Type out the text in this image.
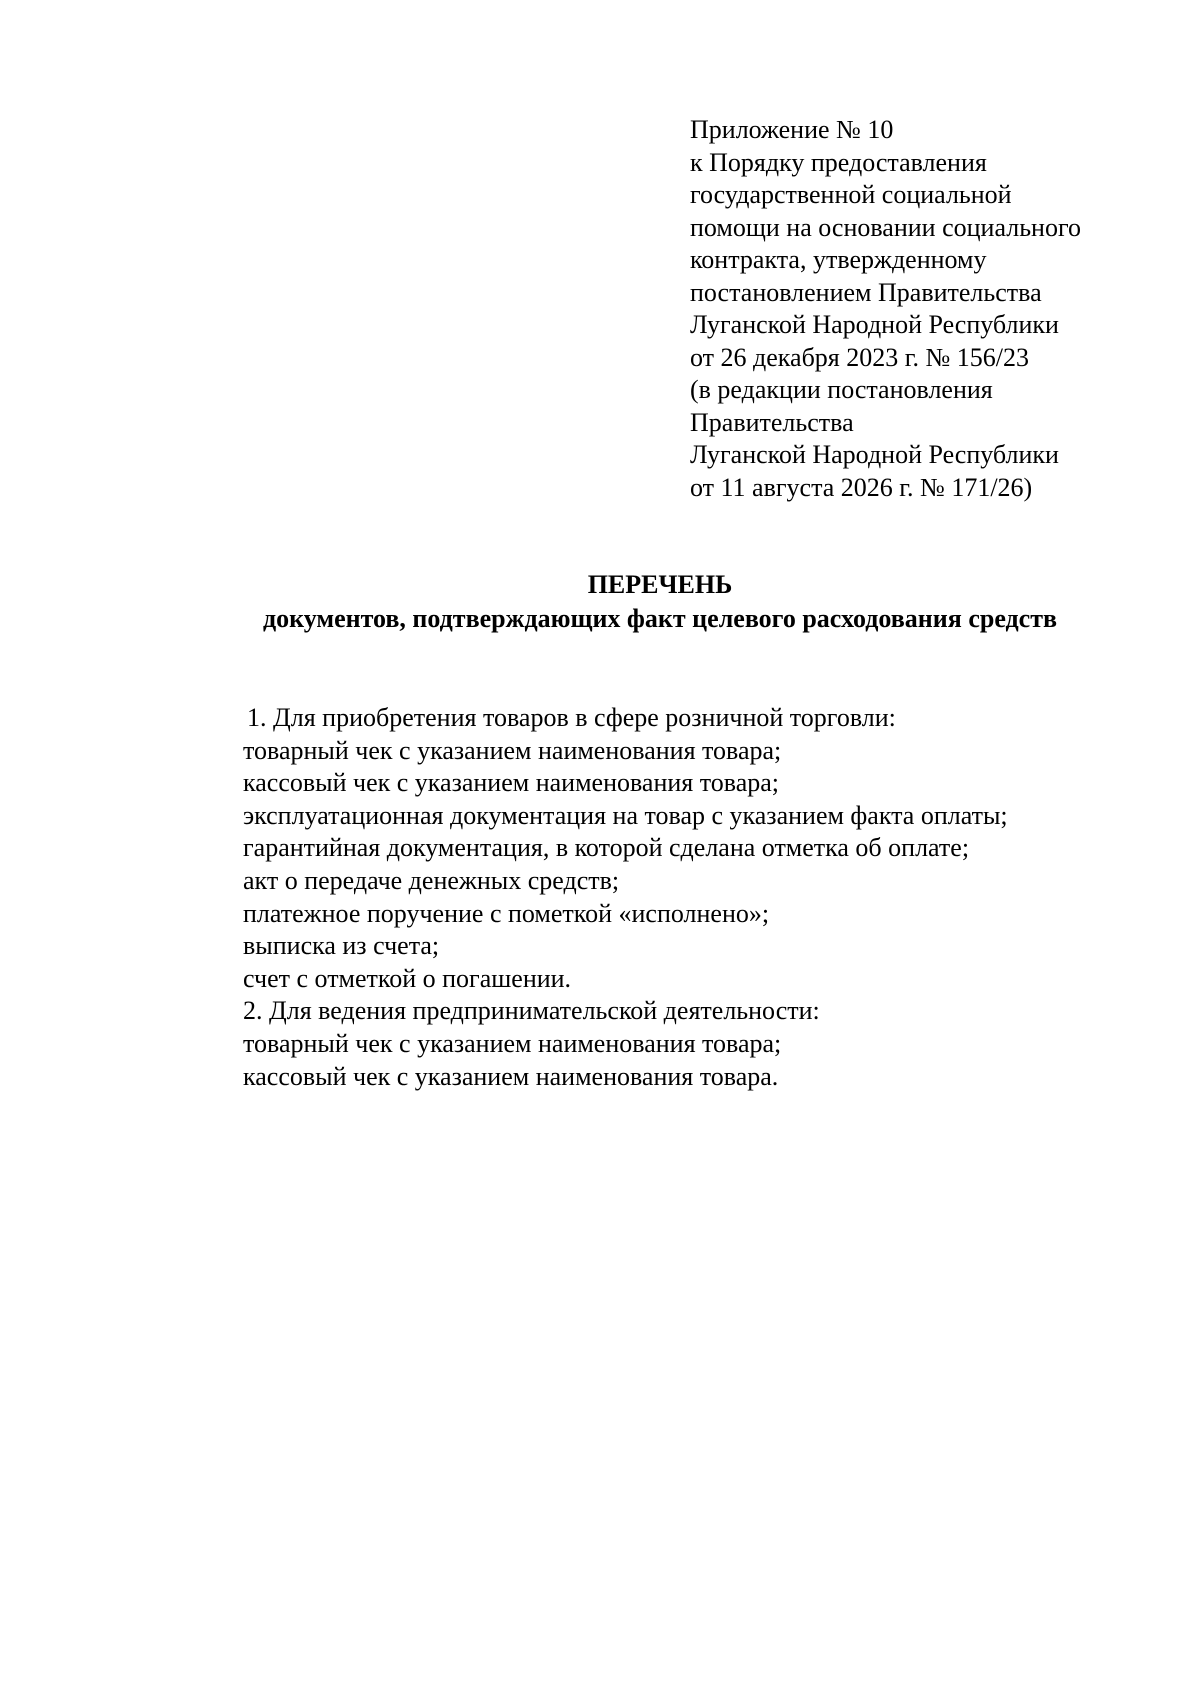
Приложение № 10
к Порядку предоставления
государственной социальной
помощи на основании социального
контракта, утвержденному
постановлением Правительства
Луганской Народной Республики
от 26 декабря 2023 г. № 156/23
(в редакции постановления
Правительства
Луганской Народной Республики
от 11 августа 2026 г. № 171/26)
ПЕРЕЧЕНЬ
документов, подтверждающих факт целевого расходования средств
1. Для приобретения товаров в сфере розничной торговли:
товарный чек с указанием наименования товара;
кассовый чек с указанием наименования товара;
эксплуатационная документация на товар с указанием факта оплаты;
гарантийная документация, в которой сделана отметка об оплате;
акт о передаче денежных средств;
платежное поручение с пометкой «исполнено»;
выписка из счета;
счет с отметкой о погашении.
2. Для ведения предпринимательской деятельности:
товарный чек с указанием наименования товара;
кассовый чек с указанием наименования товара.
